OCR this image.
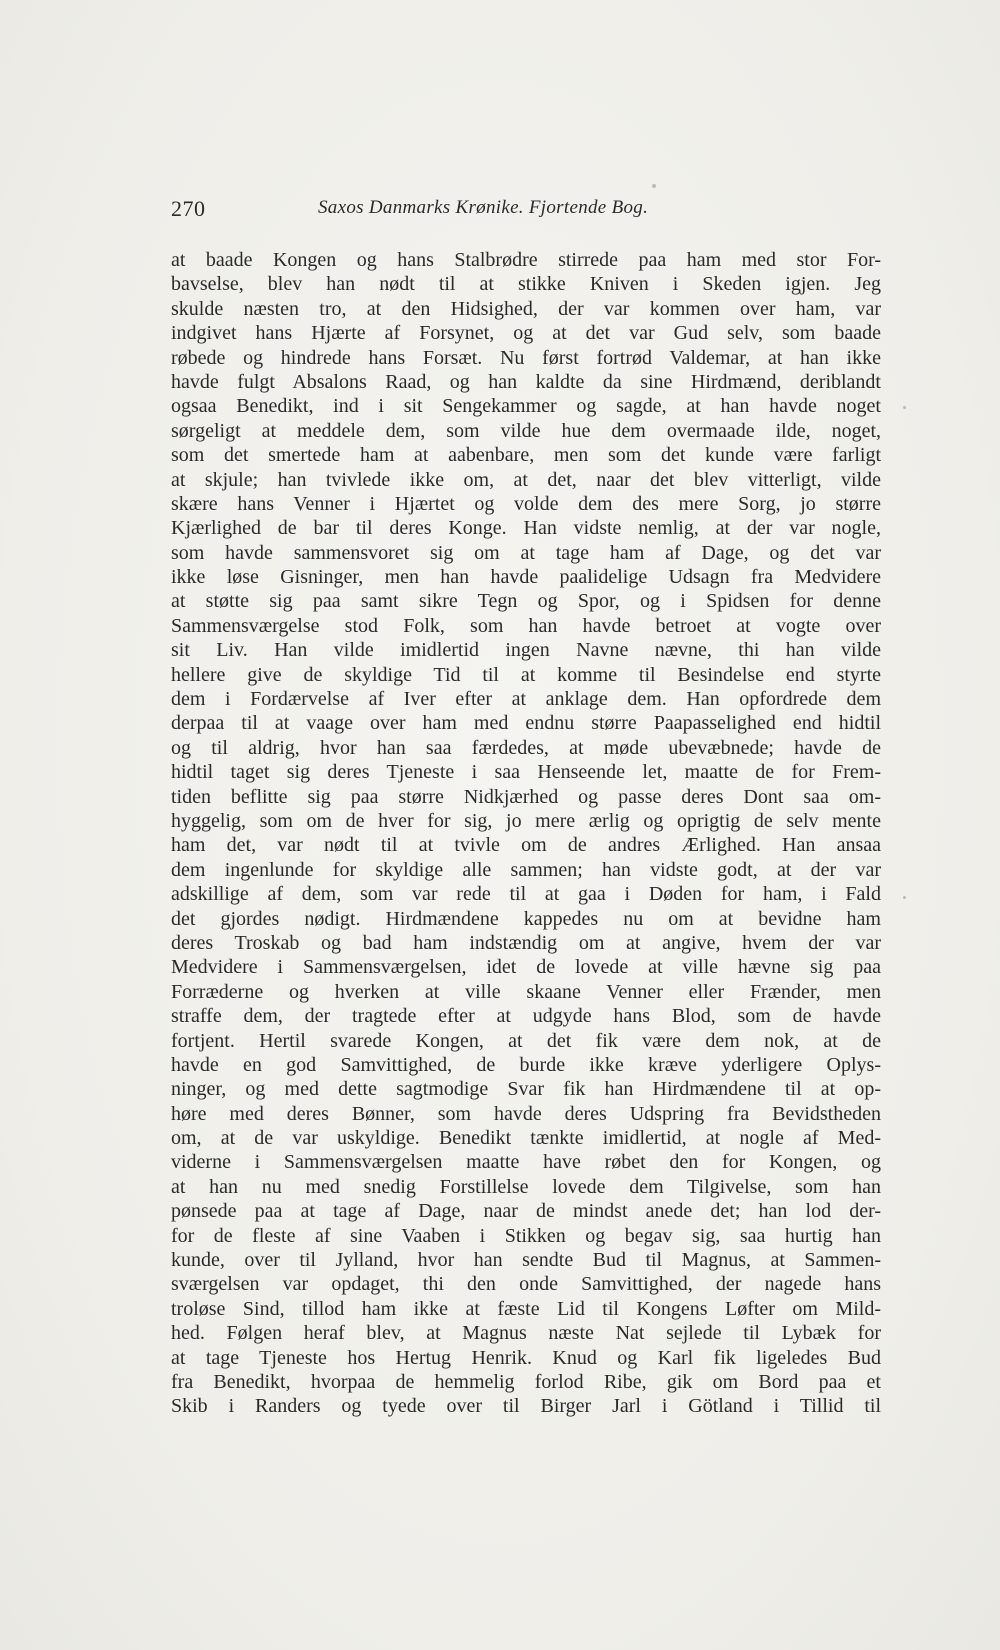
270	Saxos Danmarks Krønike. Fjortende Bog.
at baade Kongen og hans Stalbrødre stirrede paa ham med stor For-
bavselse, blev han nødt til at stikke Kniven i Skeden igjen. Jeg
skulde næsten tro, at den Hidsighed, der var kommen over ham, var
indgivet hans Hjærte af Forsynet, og at det var Gud selv, som baade
røbede og hindrede hans Forsæt. Nu først fortrød Valdemar, at han ikke
havde fulgt Absalons Raad, og han kaldte da sine Hirdmænd, deriblandt
ogsaa Benedikt, ind i sit Sengekammer og sagde, at han havde noget
sørgeligt at meddele dem, som vilde hue dem overmaade ilde, noget,
som det smertede ham at aabenbare, men som det kunde være farligt
at skjule; han tvivlede ikke om, at det, naar det blev vitterligt, vilde
skære hans Venner i Hjærtet og volde dem des mere Sorg, jo større
Kjærlighed de bar til deres Konge. Han vidste nemlig, at der var nogle,
som havde sammensvoret sig om at tage ham af Dage, og det var
ikke løse Gisninger, men han havde paalidelige Udsagn fra Medvidere
at støtte sig paa samt sikre Tegn og Spor, og i Spidsen for denne
Sammensværgelse stod Folk, som han havde betroet at vogte over
sit Liv. Han vilde imidlertid ingen Navne nævne, thi han vilde
hellere give de skyldige Tid til at komme til Besindelse end styrte
dem i Fordærvelse af Iver efter at anklage dem. Han opfordrede dem
derpaa til at vaage over ham med endnu større Paapasselighed end hidtil
og til aldrig, hvor han saa færdedes, at møde ubevæbnede; havde de
hidtil taget sig deres Tjeneste i saa Henseende let, maatte de for Frem-
tiden beflitte sig paa større Nidkjærhed og passe deres Dont saa om-
hyggelig, som om de hver for sig, jo mere ærlig og oprigtig de selv mente
ham det, var nødt til at tvivle om de andres Ærlighed. Han ansaa
dem ingenlunde for skyldige alle sammen; han vidste godt, at der var
adskillige af dem, som var rede til at gaa i Døden for ham, i Fald
det gjordes nødigt. Hirdmændene kappedes nu om at bevidne ham
deres Troskab og bad ham indstændig om at angive, hvem der var
Medvidere i Sammensværgelsen, idet de lovede at ville hævne sig paa
Forræderne og hverken at ville skaane Venner eller Frænder, men
straffe dem, der tragtede efter at udgyde hans Blod, som de havde
fortjent. Hertil svarede Kongen, at det fik være dem nok, at de
havde en god Samvittighed, de burde ikke kræve yderligere Oplys-
ninger, og med dette sagtmodige Svar fik han Hirdmændene til at op-
høre med deres Bønner, som havde deres Udspring fra Bevidstheden
om, at de var uskyldige. Benedikt tænkte imidlertid, at nogle af Med-
viderne i Sammensværgelsen maatte have røbet den for Kongen, og
at han nu med snedig Forstillelse lovede dem Tilgivelse, som han
pønsede paa at tage af Dage, naar de mindst anede det; han lod der-
for de fleste af sine Vaaben i Stikken og begav sig, saa hurtig han
kunde, over til Jylland, hvor han sendte Bud til Magnus, at Sammen-
sværgelsen var opdaget, thi den onde Samvittighed, der nagede hans
troløse Sind, tillod ham ikke at fæste Lid til Kongens Løfter om Mild-
hed. Følgen heraf blev, at Magnus næste Nat sejlede til Lybæk for
at tage Tjeneste hos Hertug Henrik. Knud og Karl fik ligeledes Bud
fra Benedikt, hvorpaa de hemmelig forlod Ribe, gik om Bord paa et
Skib i Randers og tyede over til Birger Jarl i Götland i Tillid til
